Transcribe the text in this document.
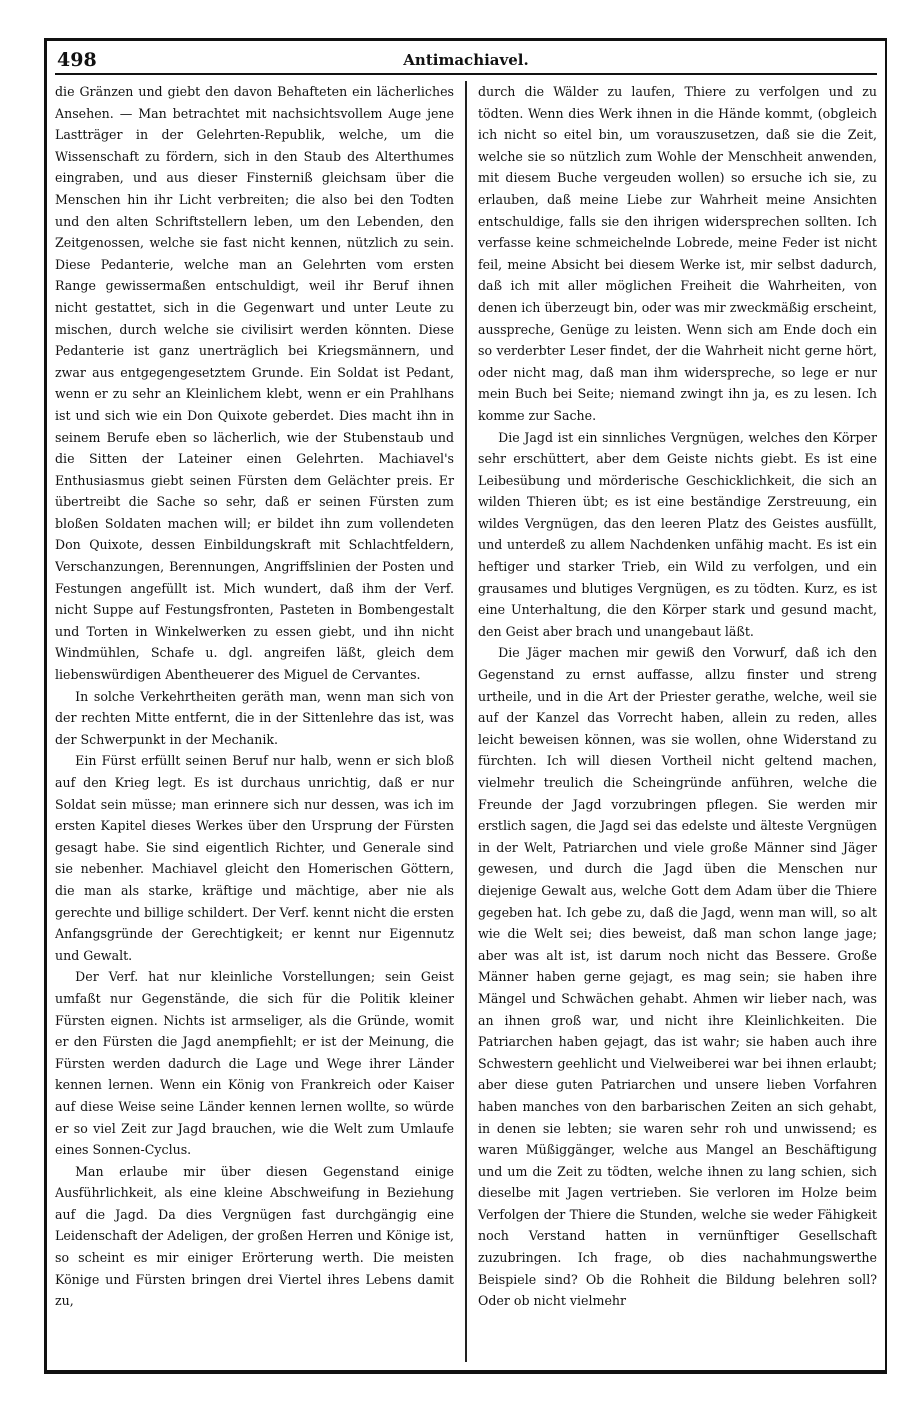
498	Antimachiavel.

die Gränzen und giebt den davon Behafteten ein lächerliches Ansehen. — Man betrachtet mit nachsichtsvollem Auge jene Lastträger in der Gelehrten-Republik, welche, um die Wissenschaft zu fördern, sich in den Staub des Alterthumes eingraben, und aus dieser Finsterniß gleichsam über die Menschen hin ihr Licht verbreiten; die also bei den Todten und den alten Schriftstellern leben, um den Lebenden, den Zeitgenossen, welche sie fast nicht kennen, nützlich zu sein. Diese Pedanterie, welche man an Gelehrten vom ersten Range gewissermaßen entschuldigt, weil ihr Beruf ihnen nicht gestattet, sich in die Gegenwart und unter Leute zu mischen, durch welche sie civilisirt werden könnten. Diese Pedanterie ist ganz unerträglich bei Kriegsmännern, und zwar aus entgegengesetztem Grunde. Ein Soldat ist Pedant, wenn er zu sehr an Kleinlichem klebt, wenn er ein Prahlhans ist und sich wie ein Don Quixote geberdet. Dies macht ihn in seinem Berufe eben so lächerlich, wie der Stubenstaub und die Sitten der Lateiner einen Gelehrten. Machiavel's Enthusiasmus giebt seinen Fürsten dem Gelächter preis. Er übertreibt die Sache so sehr, daß er seinen Fürsten zum bloßen Soldaten machen will; er bildet ihn zum vollendeten Don Quixote, dessen Einbildungskraft mit Schlachtfeldern, Verschanzungen, Berennungen, Angriffslinien der Posten und Festungen angefüllt ist. Mich wundert, daß ihm der Verf. nicht Suppe auf Festungsfronten, Pasteten in Bombengestalt und Torten in Winkelwerken zu essen giebt, und ihn nicht Windmühlen, Schafe u. dgl. angreifen läßt, gleich dem liebenswürdigen Abentheuerer des Miguel de Cervantes.

In solche Verkehrtheiten geräth man, wenn man sich von der rechten Mitte entfernt, die in der Sittenlehre das ist, was der Schwerpunkt in der Mechanik.

Ein Fürst erfüllt seinen Beruf nur halb, wenn er sich bloß auf den Krieg legt. Es ist durchaus unrichtig, daß er nur Soldat sein müsse; man erinnere sich nur dessen, was ich im ersten Kapitel dieses Werkes über den Ursprung der Fürsten gesagt habe. Sie sind eigentlich Richter, und Generale sind sie nebenher. Machiavel gleicht den Homerischen Göttern, die man als starke, kräftige und mächtige, aber nie als gerechte und billige schildert. Der Verf. kennt nicht die ersten Anfangsgründe der Gerechtigkeit; er kennt nur Eigennutz und Gewalt.

Der Verf. hat nur kleinliche Vorstellungen; sein Geist umfaßt nur Gegenstände, die sich für die Politik kleiner Fürsten eignen. Nichts ist armseliger, als die Gründe, womit er den Fürsten die Jagd anempfiehlt; er ist der Meinung, die Fürsten werden dadurch die Lage und Wege ihrer Länder kennen lernen. Wenn ein König von Frankreich oder Kaiser auf diese Weise seine Länder kennen lernen wollte, so würde er so viel Zeit zur Jagd brauchen, wie die Welt zum Umlaufe eines Sonnen-Cyclus.

Man erlaube mir über diesen Gegenstand einige Ausführlichkeit, als eine kleine Abschweifung in Beziehung auf die Jagd. Da dies Vergnügen fast durchgängig eine Leidenschaft der Adeligen, der großen Herren und Könige ist, so scheint es mir einiger Erörterung werth. Die meisten Könige und Fürsten bringen drei Viertel ihres Lebens damit zu,

durch die Wälder zu laufen, Thiere zu verfolgen und zu tödten. Wenn dies Werk ihnen in die Hände kommt, (obgleich ich nicht so eitel bin, um vorauszusetzen, daß sie die Zeit, welche sie so nützlich zum Wohle der Menschheit anwenden, mit diesem Buche vergeuden wollen) so ersuche ich sie, zu erlauben, daß meine Liebe zur Wahrheit meine Ansichten entschuldige, falls sie den ihrigen widersprechen sollten. Ich verfasse keine schmeichelnde Lobrede, meine Feder ist nicht feil, meine Absicht bei diesem Werke ist, mir selbst dadurch, daß ich mit aller möglichen Freiheit die Wahrheiten, von denen ich überzeugt bin, oder was mir zweckmäßig erscheint, ausspreche, Genüge zu leisten. Wenn sich am Ende doch ein so verderbter Leser findet, der die Wahrheit nicht gerne hört, oder nicht mag, daß man ihm widerspreche, so lege er nur mein Buch bei Seite; niemand zwingt ihn ja, es zu lesen. Ich komme zur Sache.

Die Jagd ist ein sinnliches Vergnügen, welches den Körper sehr erschüttert, aber dem Geiste nichts giebt. Es ist eine Leibesübung und mörderische Geschicklichkeit, die sich an wilden Thieren übt; es ist eine beständige Zerstreuung, ein wildes Vergnügen, das den leeren Platz des Geistes ausfüllt, und unterdeß zu allem Nachdenken unfähig macht. Es ist ein heftiger und starker Trieb, ein Wild zu verfolgen, und ein grausames und blutiges Vergnügen, es zu tödten. Kurz, es ist eine Unterhaltung, die den Körper stark und gesund macht, den Geist aber brach und unangebaut läßt.

Die Jäger machen mir gewiß den Vorwurf, daß ich den Gegenstand zu ernst auffasse, allzu finster und streng urtheile, und in die Art der Priester gerathe, welche, weil sie auf der Kanzel das Vorrecht haben, allein zu reden, alles leicht beweisen können, was sie wollen, ohne Widerstand zu fürchten. Ich will diesen Vortheil nicht geltend machen, vielmehr treulich die Scheingründe anführen, welche die Freunde der Jagd vorzubringen pflegen. Sie werden mir erstlich sagen, die Jagd sei das edelste und älteste Vergnügen in der Welt, Patriarchen und viele große Männer sind Jäger gewesen, und durch die Jagd üben die Menschen nur diejenige Gewalt aus, welche Gott dem Adam über die Thiere gegeben hat. Ich gebe zu, daß die Jagd, wenn man will, so alt wie die Welt sei; dies beweist, daß man schon lange jage; aber was alt ist, ist darum noch nicht das Bessere. Große Männer haben gerne gejagt, es mag sein; sie haben ihre Mängel und Schwächen gehabt. Ahmen wir lieber nach, was an ihnen groß war, und nicht ihre Kleinlichkeiten. Die Patriarchen haben gejagt, das ist wahr; sie haben auch ihre Schwestern geehlicht und Vielweiberei war bei ihnen erlaubt; aber diese guten Patriarchen und unsere lieben Vorfahren haben manches von den barbarischen Zeiten an sich gehabt, in denen sie lebten; sie waren sehr roh und unwissend; es waren Müßiggänger, welche aus Mangel an Beschäftigung und um die Zeit zu tödten, welche ihnen zu lang schien, sich dieselbe mit Jagen vertrieben. Sie verloren im Holze beim Verfolgen der Thiere die Stunden, welche sie weder Fähigkeit noch Verstand hatten in vernünftiger Gesellschaft zuzubringen. Ich frage, ob dies nachahmungswerthe Beispiele sind? Ob die Rohheit die Bildung belehren soll? Oder ob nicht vielmehr
